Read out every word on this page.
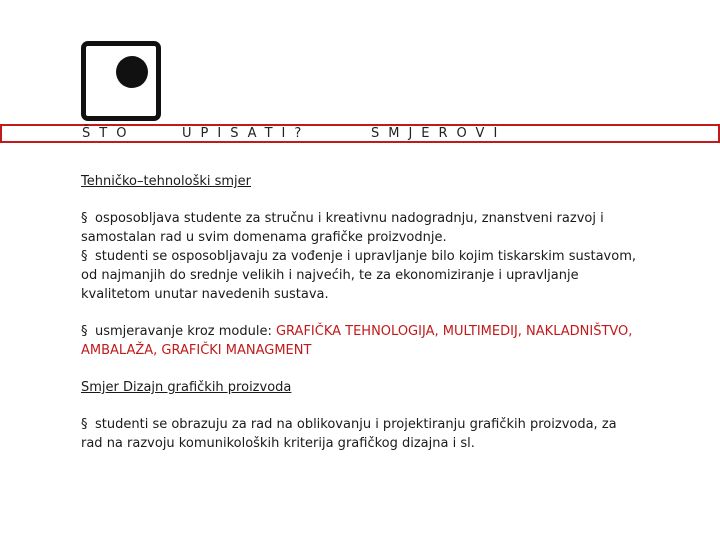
ŠTO	UPISATI?	SMJEROVI

Tehničko–tehnološki smjer

§ osposobljava studente za stručnu i kreativnu nadogradnju, znanstveni razvoj i samostalan rad u svim domenama grafičke proizvodnje.

§ studenti se osposobljavaju za vođenje i upravljanje bilo kojim tiskarskim sustavom, od najmanjih do srednje velikih i najvećih, te za ekonomiziranje i upravljanje kvalitetom unutar navedenih sustava.

§ usmjeravanje kroz module: GRAFIČKA TEHNOLOGIJA, MULTIMEDIJ, NAKLADNIŠTVO, AMBALAŽA, GRAFIČKI MANAGMENT

Smjer Dizajn grafičkih proizvoda

§ studenti se obrazuju za rad na oblikovanju i projektiranju grafičkih proizvoda, za rad na razvoju komunikoloških kriterija grafičkog dizajna i sl.
